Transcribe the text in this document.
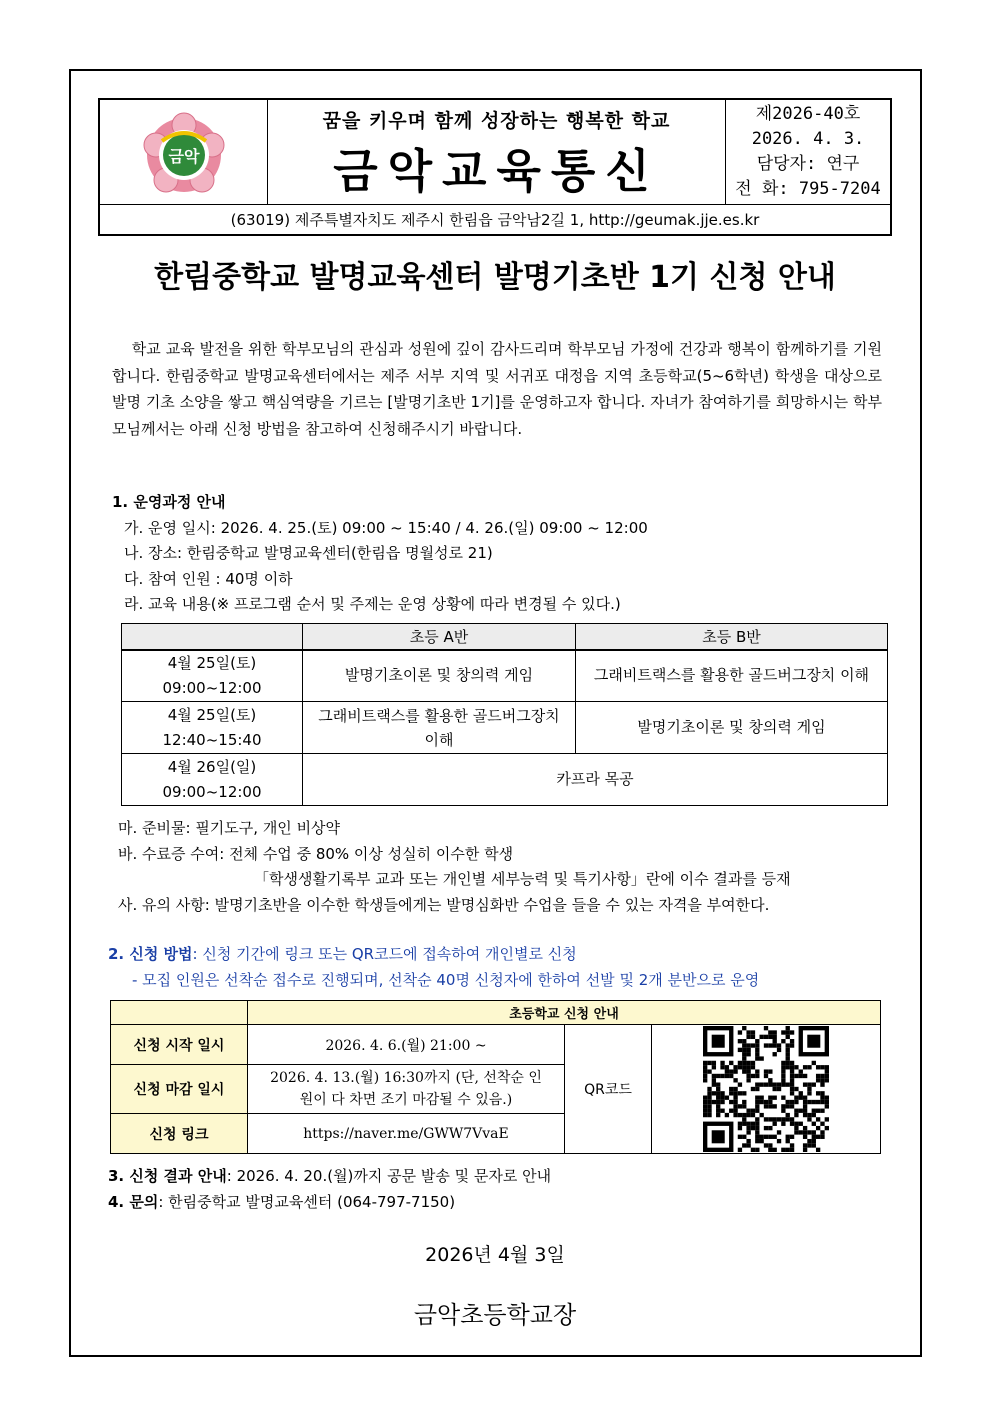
금악
꿈을 키우며 함께 성장하는 행복한 학교
금악교육통신
제2026-40호
2026. 4. 3.
담당자: 연구
전 화: 795-7204
(63019) 제주특별자치도 제주시 한림읍 금악남2길 1, http://geumak.jje.es.kr
한림중학교 발명교육센터 발명기초반 1기 신청 안내
학교 교육 발전을 위한 학부모님의 관심과 성원에 깊이 감사드리며 학부모님 가정에 건강과 행복이 함께하기를 기원합니다. 한림중학교 발명교육센터에서는 제주 서부 지역 및 서귀포 대정읍 지역 초등학교(5~6학년) 학생을 대상으로 발명 기초 소양을 쌓고 핵심역량을 기르는 [발명기초반 1기]를 운영하고자 합니다. 자녀가 참여하기를 희망하시는 학부모님께서는 아래 신청 방법을 참고하여 신청해주시기 바랍니다.
1. 운영과정 안내
가. 운영 일시: 2026. 4. 25.(토) 09:00 ~ 15:40 / 4. 26.(일) 09:00 ~ 12:00
나. 장소: 한림중학교 발명교육센터(한림읍 명월성로 21)
다. 참여 인원 : 40명 이하
라. 교육 내용(※ 프로그램 순서 및 주제는 운영 상황에 따라 변경될 수 있다.)
	초등 A반	초등 B반

4월 25일(토)
09:00~12:00	발명기초이론 및 창의력 게임	그래비트랙스를 활용한 골드버그장치 이해

4월 25일(토)
12:40~15:40	그래비트랙스를 활용한 골드버그장치 이해	발명기초이론 및 창의력 게임

4월 26일(일)
09:00~12:00	카프라 목공	
마. 준비물: 필기도구, 개인 비상약
바. 수료증 수여: 전체 수업 중 80% 이상 성실히 이수한 학생
「학생생활기록부 교과 또는 개인별 세부능력 및 특기사항」란에 이수 결과를 등재
사. 유의 사항: 발명기초반을 이수한 학생들에게는 발명심화반 수업을 들을 수 있는 자격을 부여한다.
2. 신청 방법: 신청 기간에 링크 또는 QR코드에 접속하여 개인별로 신청
- 모집 인원은 선착순 접수로 진행되며, 선착순 40명 신청자에 한하여 선발 및 2개 분반으로 운영
	초등학교 신청 안내		
신청 시작 일시	2026. 4. 6.(월) 21:00 ~	QR코드	

신청 마감 일시	2026. 4. 13.(월) 16:30까지 (단, 선착순 인원이 다 차면 조기 마감될 수 있음.)		
신청 링크	https://naver.me/GWW7VvaE		
3. 신청 결과 안내: 2026. 4. 20.(월)까지 공문 발송 및 문자로 안내
4. 문의: 한림중학교 발명교육센터 (064-797-7150)
2026년 4월 3일
금악초등학교장
